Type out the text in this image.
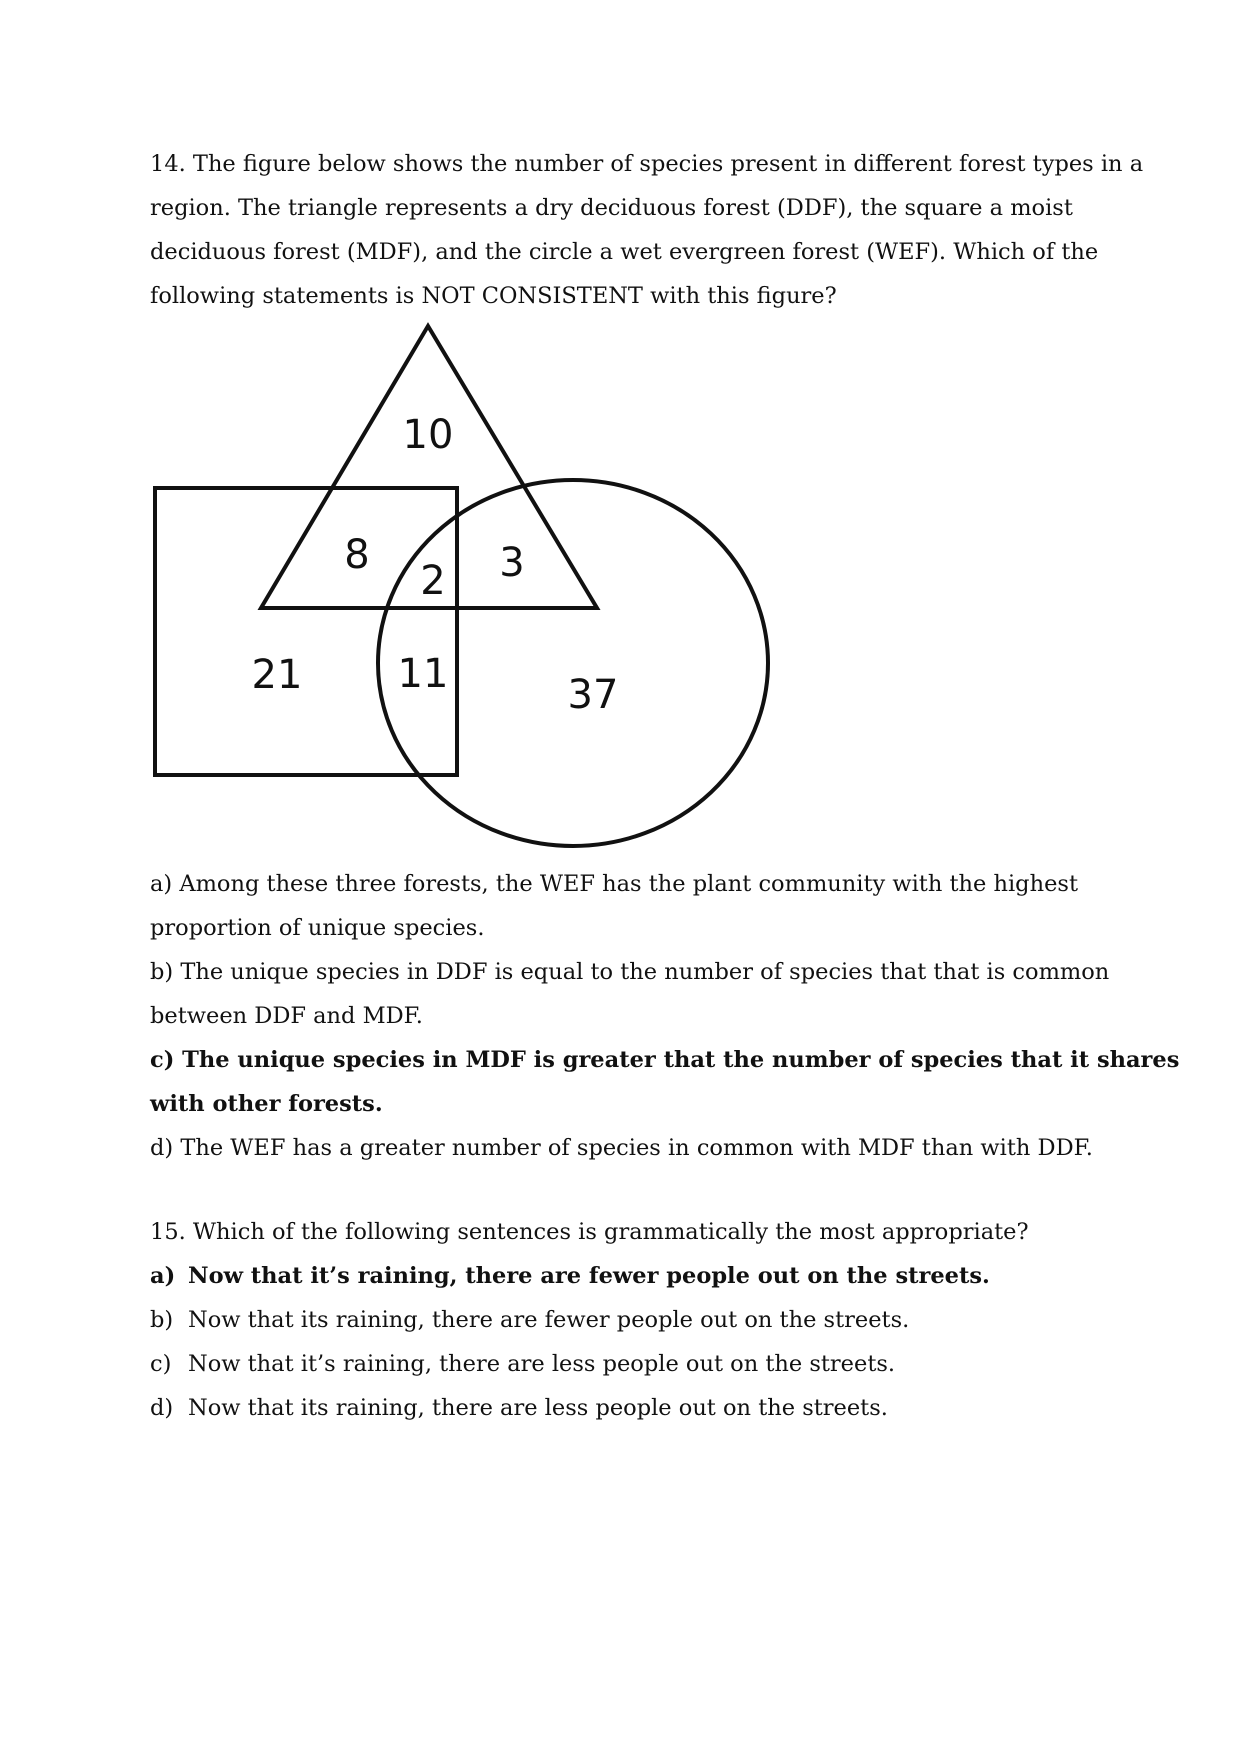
14. The figure below shows the number of species present in different forest types in a
region. The triangle represents a dry deciduous forest (DDF), the square a moist
deciduous forest (MDF), and the circle a wet evergreen forest (WEF). Which of the
following statements is NOT CONSISTENT with this figure?
10
8
2 3
21 11	37
a) Among these three forests, the WEF has the plant community with the highest
proportion of unique species.
b) The unique species in DDF is equal to the number of species that that is common
between DDF and MDF.
c) The unique species in MDF is greater that the number of species that it shares
with other forests.
d) The WEF has a greater number of species in common with MDF than with DDF.
15. Which of the following sentences is grammatically the most appropriate?
a) Now that it’s raining, there are fewer people out on the streets.
b) Now that its raining, there are fewer people out on the streets.
c) Now that it’s raining, there are less people out on the streets.
d) Now that its raining, there are less people out on the streets.
